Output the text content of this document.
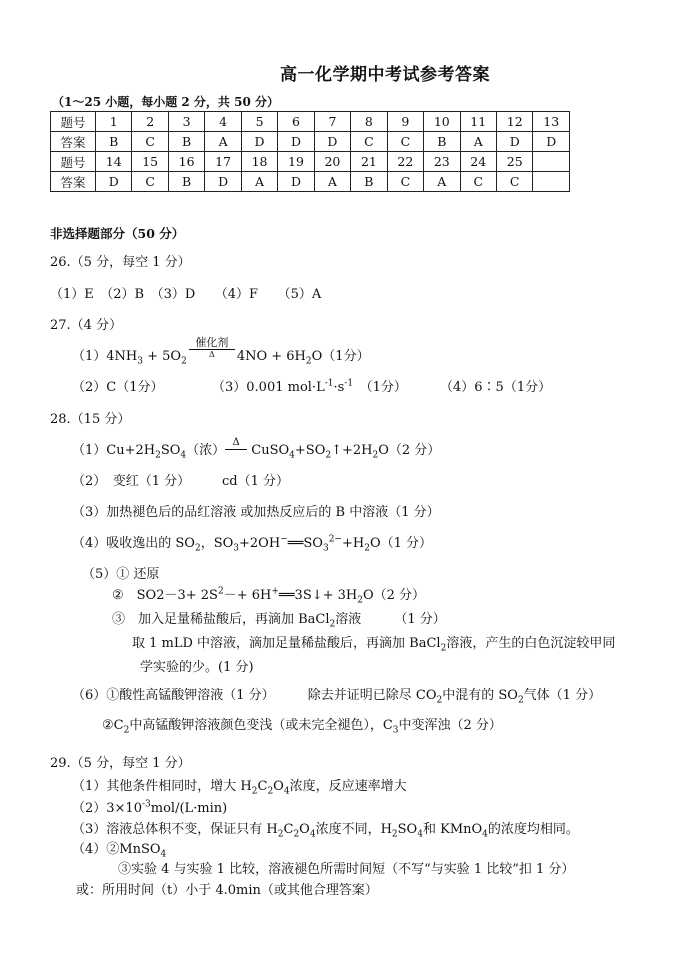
高一化学期中考试参考答案
（1～25 小题，每小题 2 分，共 50 分）
题号	1	2	3	4	5	6	7	8	9	10	11	12	13
答案	B	C	B	A	D	D	D	C	C	B	A	D	D
题号	14	15	16	17	18	19	20	21	22	23	24	25	
答案	D	C	B	D	A	D	A	B	C	A	C	C	
非选择题部分（50 分）
26.（5 分，每空 1 分）
（1）E　（2）B　（3）D　　（4）F　　（5）A
27.（4 分）
$(1)4NH_3 + 5O_2$
催化剂
Δ	$4NO + 6H_2O(1$分）
（2）C（1分）	（3）0.001 $mol\cdot L^{-1}\cdot s^{-1}$　（1分）	（4）6∶5（1分）
28.（15 分）
$(1)Cu+2H_2SO_4$（浓）
Δ
$CuSO_4+SO_2↑+2H_2O(2$ 分）
（2）　变红（1 分） cd（1 分）
（3）加热褪色后的品红溶液 或加热反应后的 B 中溶液（1 分）
（4）吸收逸出的 $SO_2$，$SO_3+2OH^-══SO_3^{2-}+H_2O(1$ 分）
（5）① 还原
②　$SO2-3+ 2S^2-+$ 6H+══3S↓+ $3H_2O(2$ 分）
③　加入足量稀盐酸后，再滴加 BaCl$_2$溶液	（1 分）
取 1 mLD 中溶液，滴加足量稀盐酸后，再滴加 BaCl$_2$溶液，产生的白色沉淀较甲同
学实验的少。(1 分)
（6）①酸性高锰酸钾溶液（1 分）	除去并证明已除尽 $CO_2$中混有的 $SO_2$气体（1 分）
$②C_2$中高锰酸钾溶液颜色变浅（或未完全褪色），$C_3$中变浑浊（2 分）
29.（5 分，每空 1 分）
（1）其他条件相同时，增大 $H_2C_2O_4$浓度，反应速率增大
$(2)3\times 10^{-3}mol/(L\cdot\min)$
（3）溶液总体积不变，保证只有 $H_2C_2O_4$浓度不同，$H_2SO_4$和 KMnO$_4$的浓度均相同。
（4）②MnSO$_4$
③实验 4 与实验 1 比较，溶液褪色所需时间短（不写“与实验 1 比较”扣 1 分）
或：所用时间（t）小于 4.0min（或其他合理答案）
